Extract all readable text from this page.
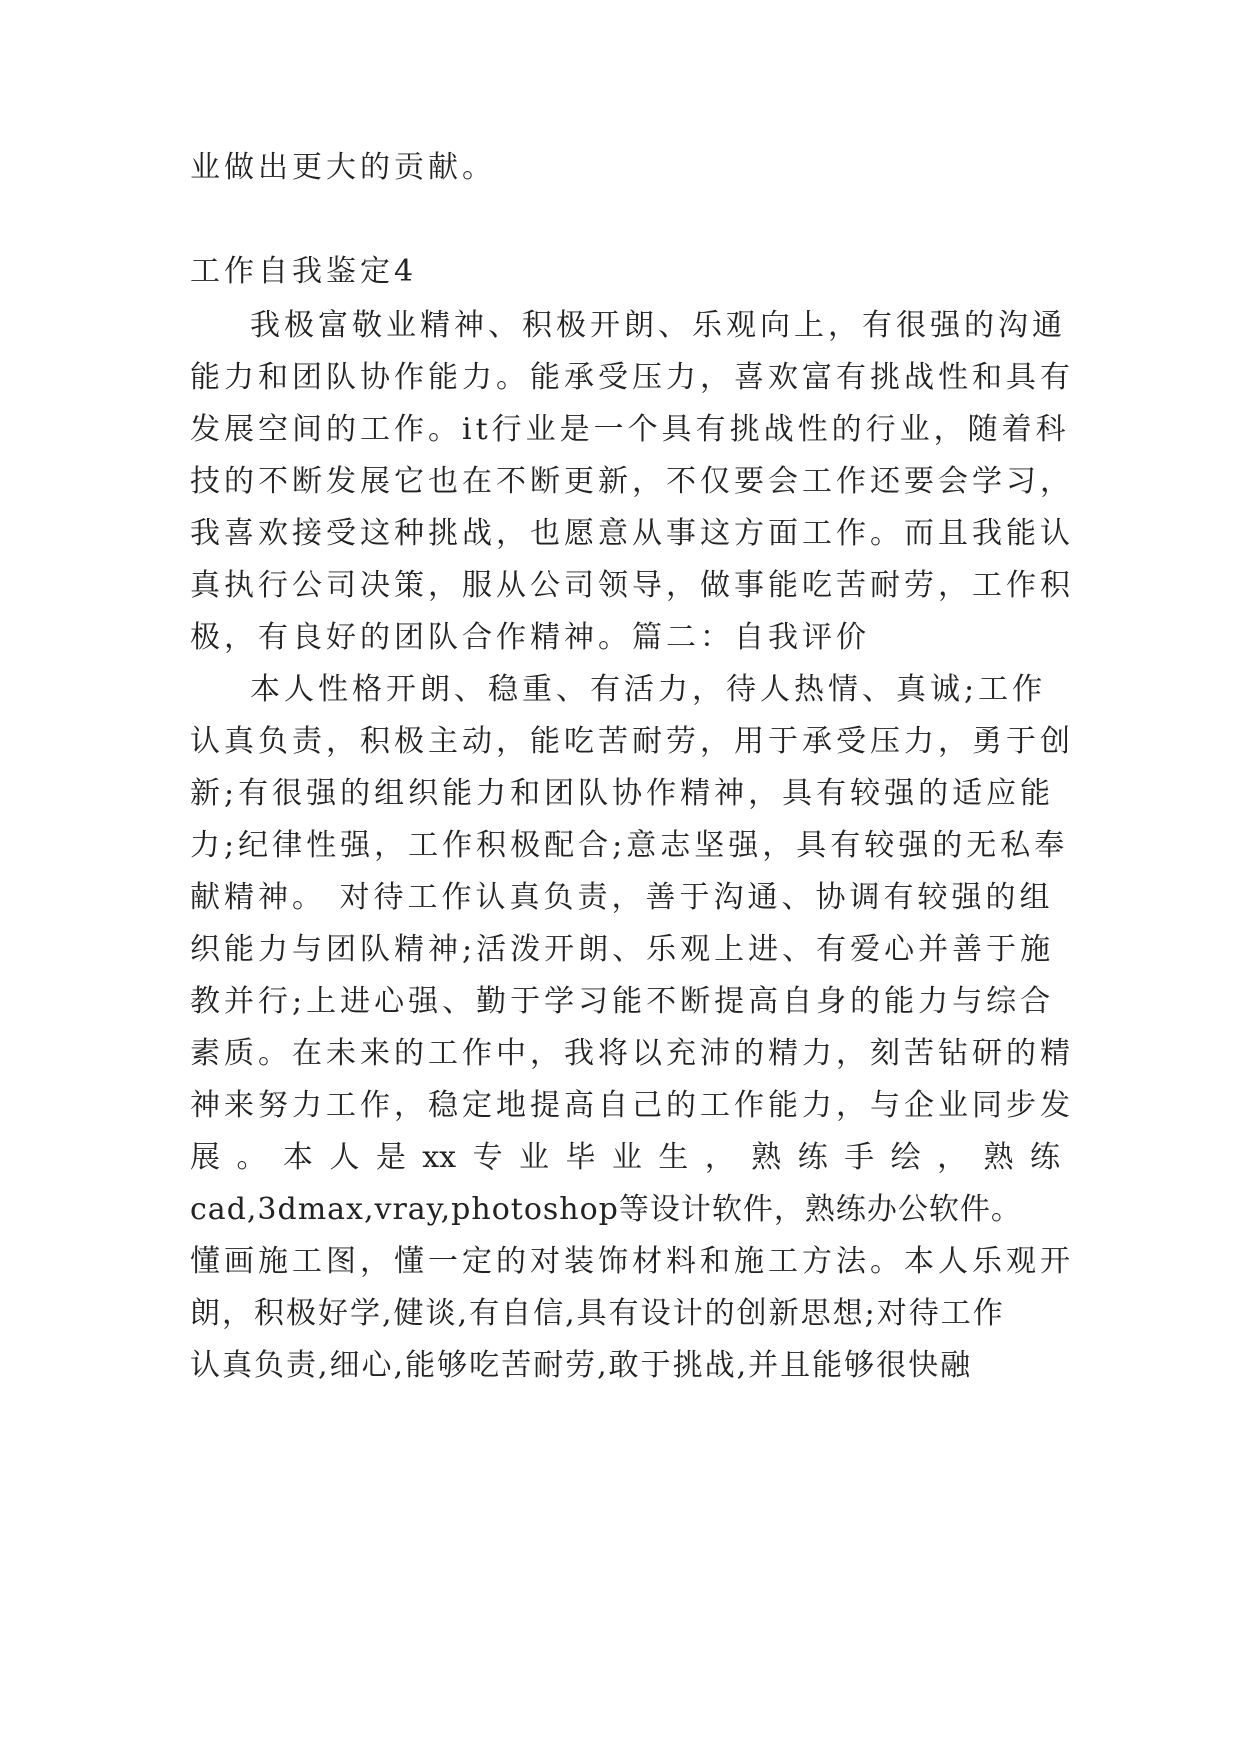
业做出更大的贡献。
工作自我鉴定4
我极富敬业精神、积极开朗、乐观向上，有很强的沟通
能力和团队协作能力。能承受压力，喜欢富有挑战性和具有
发展空间的工作。it行业是一个具有挑战性的行业，随着科
技的不断发展它也在不断更新，不仅要会工作还要会学习，
我喜欢接受这种挑战，也愿意从事这方面工作。而且我能认
真执行公司决策，服从公司领导，做事能吃苦耐劳，工作积
极，有良好的团队合作精神。篇二：自我评价
本人性格开朗、稳重、有活力，待人热情、真诚;工作
认真负责，积极主动，能吃苦耐劳，用于承受压力，勇于创
新;有很强的组织能力和团队协作精神，具有较强的适应能
力;纪律性强，工作积极配合;意志坚强，具有较强的无私奉
献精神。 对待工作认真负责，善于沟通、协调有较强的组
织能力与团队精神;活泼开朗、乐观上进、有爱心并善于施
教并行;上进心强、勤于学习能不断提高自身的能力与综合
素质。在未来的工作中，我将以充沛的精力，刻苦钻研的精
神来努力工作，稳定地提高自己的工作能力，与企业同步发
展 。 本 人 是 xx 专 业 毕 业 生 ， 熟 练 手 绘 ， 熟 练
cad,3dmax,vray,photoshop等设计软件，熟练办公软件。
懂画施工图，懂一定的对装饰材料和施工方法。本人乐观开
朗，积极好学,健谈,有自信,具有设计的创新思想;对待工作
认真负责,细心,能够吃苦耐劳,敢于挑战,并且能够很快融
